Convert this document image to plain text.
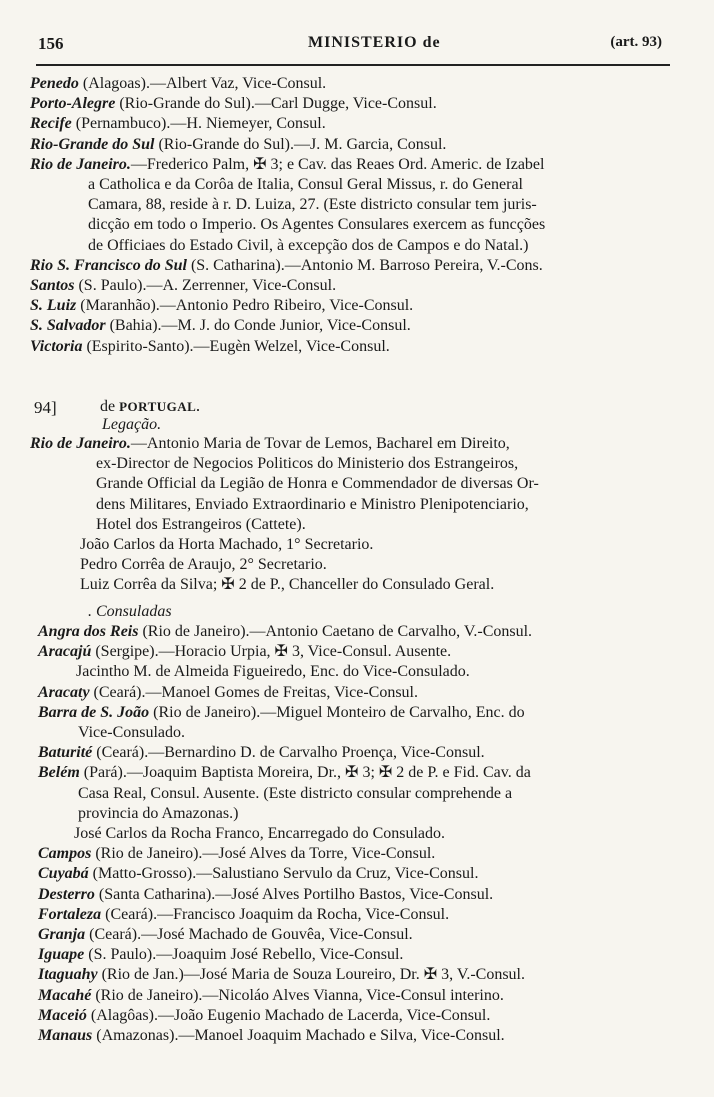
156	MINISTERIO de	(art. 93)
Penedo (Alagoas).—Albert Vaz, Vice-Consul.
Porto-Alegre (Rio-Grande do Sul).—Carl Dugge, Vice-Consul.
Recife (Pernambuco).—H. Niemeyer, Consul.
Rio-Grande do Sul (Rio-Grande do Sul).—J. M. Garcia, Consul.
Rio de Janeiro.—Frederico Palm, ✠ 3; e Cav. das Reaes Ord. Americ. de Izabel
a Catholica e da Corôa de Italia, Consul Geral Missus, r. do General
Camara, 88, reside à r. D. Luiza, 27. (Este districto consular tem juris-
dicção em todo o Imperio. Os Agentes Consulares exercem as funcções
de Officiaes do Estado Civil, à excepção dos de Campos e do Natal.)
Rio S. Francisco do Sul (S. Catharina).—Antonio M. Barroso Pereira, V.-Cons.
Santos (S. Paulo).—A. Zerrenner, Vice-Consul.
S. Luiz (Maranhão).—Antonio Pedro Ribeiro, Vice-Consul.
S. Salvador (Bahia).—M. J. do Conde Junior, Vice-Consul.
Victoria (Espirito-Santo).—Eugèn Welzel, Vice-Consul.
94]	de PORTUGAL.
Legação.
Rio de Janeiro.—Antonio Maria de Tovar de Lemos, Bacharel em Direito,
ex-Director de Negocios Politicos do Ministerio dos Estrangeiros,
Grande Official da Legião de Honra e Commendador de diversas Or-
dens Militares, Enviado Extraordinario e Ministro Plenipotenciario,
Hotel dos Estrangeiros (Cattete).
João Carlos da Horta Machado, 1° Secretario.
Pedro Corrêa de Araujo, 2° Secretario.
Luiz Corrêa da Silva; ✠ 2 de P., Chanceller do Consulado Geral.
. Consuladas
Angra dos Reis (Rio de Janeiro).—Antonio Caetano de Carvalho, V.-Consul.
Aracajú (Sergipe).—Horacio Urpia, ✠ 3, Vice-Consul. Ausente.
Jacintho M. de Almeida Figueiredo, Enc. do Vice-Consulado.
Aracaty (Ceará).—Manoel Gomes de Freitas, Vice-Consul.
Barra de S. João (Rio de Janeiro).—Miguel Monteiro de Carvalho, Enc. do
Vice-Consulado.
Baturité (Ceará).—Bernardino D. de Carvalho Proença, Vice-Consul.
Belém (Pará).—Joaquim Baptista Moreira, Dr., ✠ 3; ✠ 2 de P. e Fid. Cav. da
Casa Real, Consul. Ausente. (Este districto consular comprehende a
provincia do Amazonas.)
José Carlos da Rocha Franco, Encarregado do Consulado.
Campos (Rio de Janeiro).—José Alves da Torre, Vice-Consul.
Cuyabá (Matto-Grosso).—Salustiano Servulo da Cruz, Vice-Consul.
Desterro (Santa Catharina).—José Alves Portilho Bastos, Vice-Consul.
Fortaleza (Ceará).—Francisco Joaquim da Rocha, Vice-Consul.
Granja (Ceará).—José Machado de Gouvêa, Vice-Consul.
Iguape (S. Paulo).—Joaquim José Rebello, Vice-Consul.
Itaguahy (Rio de Jan.)—José Maria de Souza Loureiro, Dr. ✠ 3, V.-Consul.
Macahé (Rio de Janeiro).—Nicoláo Alves Vianna, Vice-Consul interino.
Maceió (Alagôas).—João Eugenio Machado de Lacerda, Vice-Consul.
Manaus (Amazonas).—Manoel Joaquim Machado e Silva, Vice-Consul.
